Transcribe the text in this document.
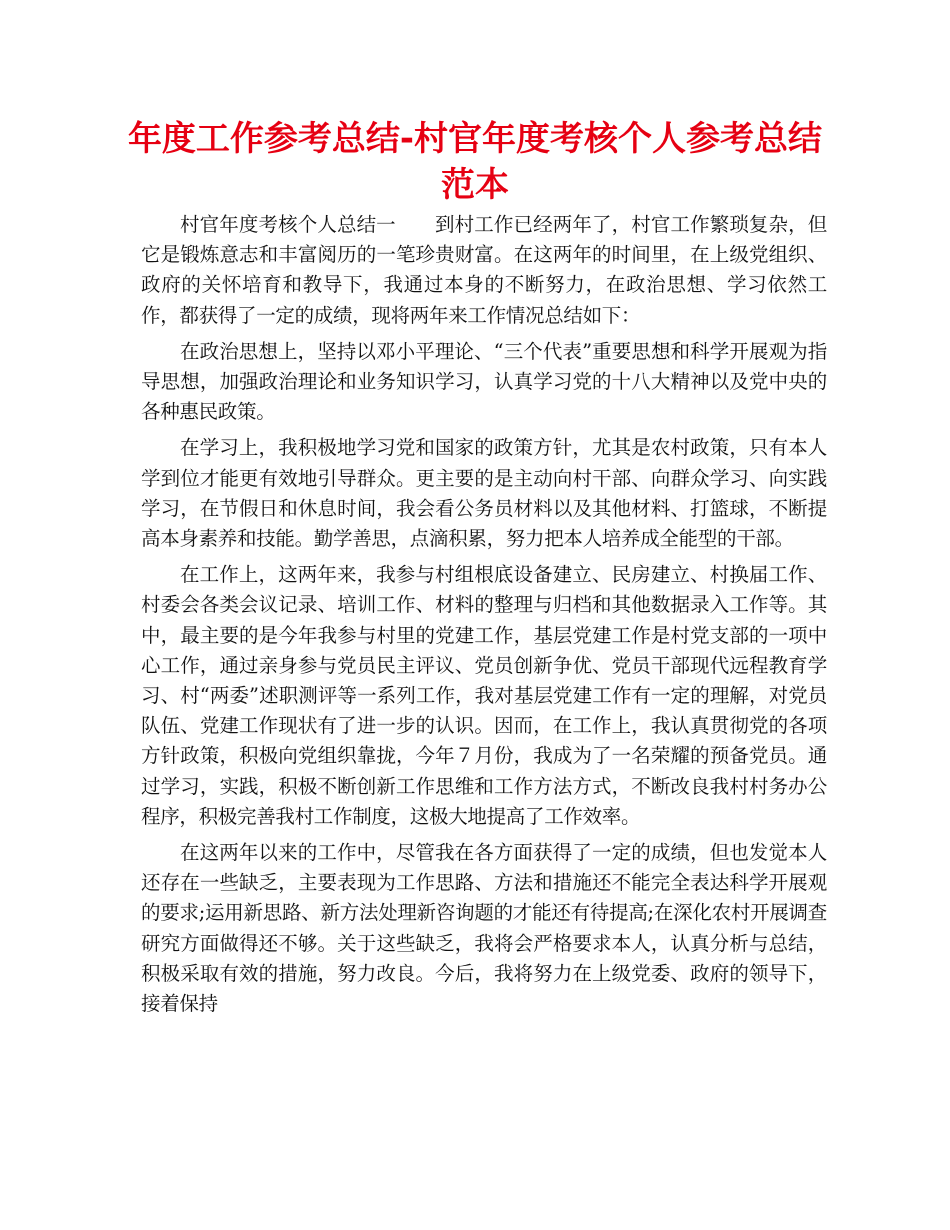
年度工作参考总结-村官年度考核个人参考总结范本

村官年度考核个人总结一　　到村工作已经两年了，村官工作繁琐复杂，但它是锻炼意志和丰富阅历的一笔珍贵财富。在这两年的时间里，在上级党组织、政府的关怀培育和教导下，我通过本身的不断努力，在政治思想、学习依然工作，都获得了一定的成绩，现将两年来工作情况总结如下：

在政治思想上，坚持以邓小平理论、“三个代表”重要思想和科学开展观为指导思想，加强政治理论和业务知识学习，认真学习党的十八大精神以及党中央的各种惠民政策。

在学习上，我积极地学习党和国家的政策方针，尤其是农村政策，只有本人学到位才能更有效地引导群众。更主要的是主动向村干部、向群众学习、向实践学习，在节假日和休息时间，我会看公务员材料以及其他材料、打篮球，不断提高本身素养和技能。勤学善思，点滴积累，努力把本人培养成全能型的干部。

在工作上，这两年来，我参与村组根底设备建立、民房建立、村换届工作、村委会各类会议记录、培训工作、材料的整理与归档和其他数据录入工作等。其中，最主要的是今年我参与村里的党建工作，基层党建工作是村党支部的一项中心工作，通过亲身参与党员民主评议、党员创新争优、党员干部现代远程教育学习、村“两委”述职测评等一系列工作，我对基层党建工作有一定的理解，对党员队伍、党建工作现状有了进一步的认识。因而，在工作上，我认真贯彻党的各项方针政策，积极向党组织靠拢，今年７月份，我成为了一名荣耀的预备党员。通过学习，实践，积极不断创新工作思维和工作方法方式，不断改良我村村务办公程序，积极完善我村工作制度，这极大地提高了工作效率。

在这两年以来的工作中，尽管我在各方面获得了一定的成绩，但也发觉本人还存在一些缺乏，主要表现为工作思路、方法和措施还不能完全表达科学开展观的要求;运用新思路、新方法处理新咨询题的才能还有待提高;在深化农村开展调查研究方面做得还不够。关于这些缺乏，我将会严格要求本人，认真分析与总结，积极采取有效的措施，努力改良。今后，我将努力在上级党委、政府的领导下，接着保持
